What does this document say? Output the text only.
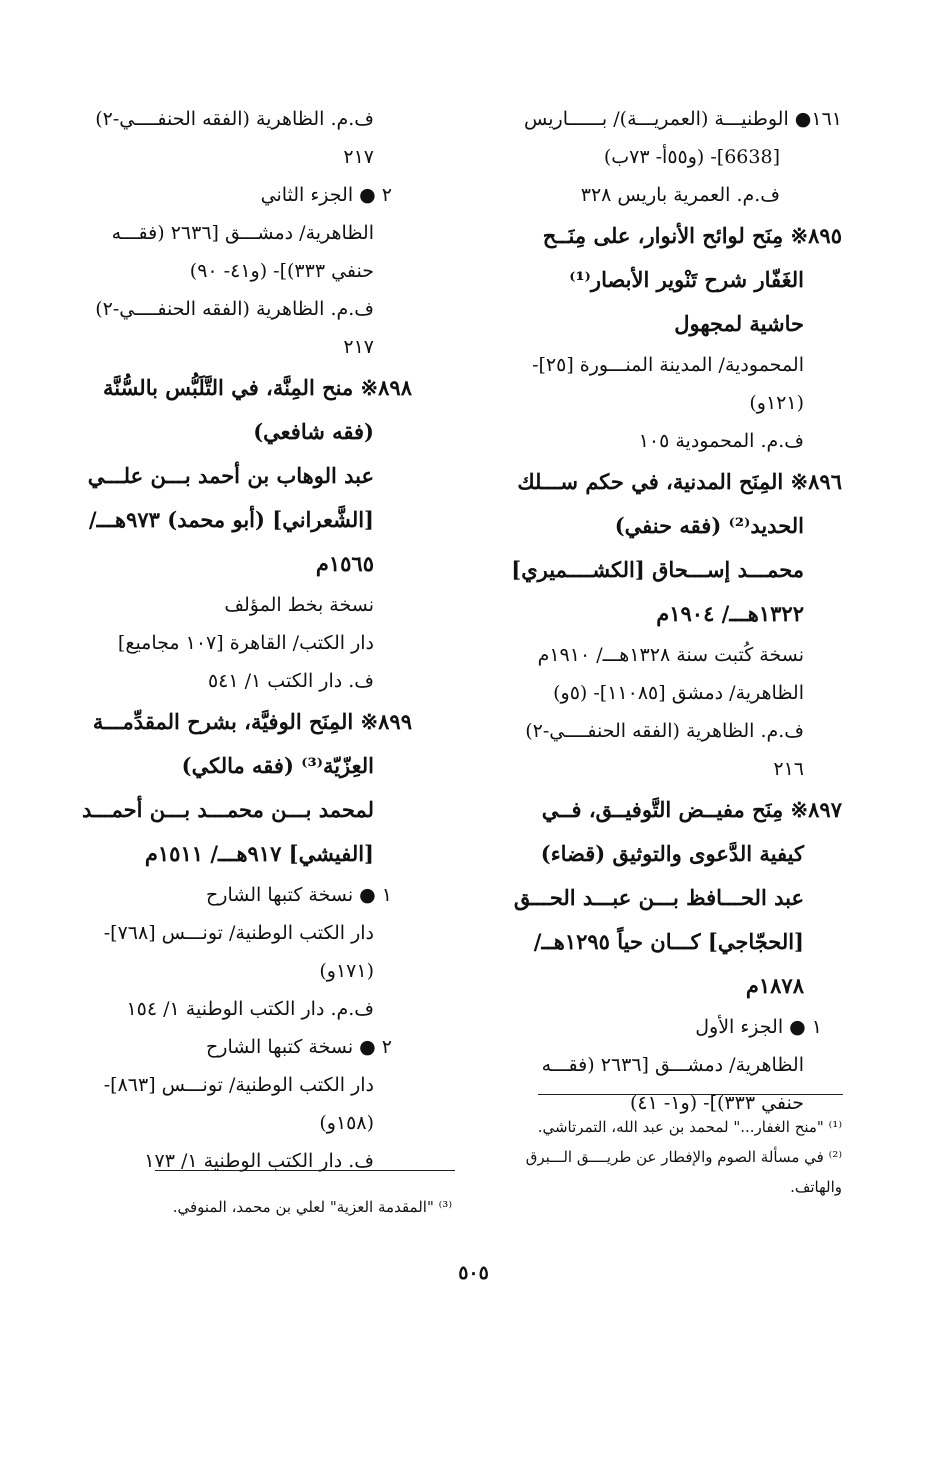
١٦١● الوطنيـــة (العمريـــة)/ بــــــاريس
[6638]- (و٥٥أ- ٧٣ب)
ف.م. العمرية باريس ٣٢٨
٨٩٥※ مِنَح لوائح الأنوار، على مِنَــح
الغَفّار شرح تَنْوير الأبصار⁽¹⁾
حاشية لمجهول
المحمودية/ المدينة المنـــورة [٢٥]-
(١٢١و)
ف.م. المحمودية ١٠٥
٨٩٦※ المِنَح المدنية، في حكم ســـلك
الحديد⁽²⁾ (فقه حنفي)
محمـــد إســـحاق [الكشــــميري]
١٣٢٢هـــ/ ١٩٠٤م
نسخة كُتبت سنة ١٣٢٨هـــ/ ١٩١٠م
الظاهرية/ دمشق [١١٠٨٥]- (٥و)
ف.م. الظاهرية (الفقه الحنفــــي-٢)
٢١٦
٨٩٧※ مِنَح مفيــض التَّوفيــق، فــي
كيفية الدَّعوى والتوثيق (قضاء)
عبد الحـــافظ بـــن عبـــد الحـــق
[الحجّاجي] كـــان حياً ١٢٩٥هــ/
١٨٧٨م
١ ● الجزء الأول
الظاهرية/ دمشـــق [٢٦٣٦ (فقـــه
حنفي ٣٣٣)]- (و١- ٤١)
ف.م. الظاهرية (الفقه الحنفــــي-٢)
٢١٧
٢ ● الجزء الثاني
الظاهرية/ دمشـــق [٢٦٣٦ (فقـــه
حنفي ٣٣٣)]- (و٤١- ٩٠)
ف.م. الظاهرية (الفقه الحنفــــي-٢)
٢١٧
٨٩٨※ منح المِنَّة، في التَّلَبُّس بالسُّنَّة
(فقه شافعي)
عبد الوهاب بن أحمد بـــن علـــي
[الشَّعراني] (أبو محمد) ٩٧٣هـــ/
١٥٦٥م
نسخة بخط المؤلف
دار الكتب/ القاهرة [١٠٧ مجاميع]
ف. دار الكتب ١/ ٥٤١
٨٩٩※ المِنَح الوفيَّة، بشرح المقدِّمـــة
العِزّيّة⁽³⁾ (فقه مالكي)
لمحمد بـــن محمـــد بـــن أحمـــد
[الفيشي] ٩١٧هـــ/ ١٥١١م
١ ● نسخة كتبها الشارح
دار الكتب الوطنية/ تونـــس [٧٦٨]-
(١٧١و)
ف.م. دار الكتب الوطنية ١/ ١٥٤
٢ ● نسخة كتبها الشارح
دار الكتب الوطنية/ تونـــس [٨٦٣]-
(١٥٨و)
ف. دار الكتب الوطنية ١/ ١٧٣
⁽¹⁾ "منح الغفار..." لمحمد بن عبد الله، التمرتاشي.
⁽²⁾ في مسألة الصوم والإفطار عن طريــــق الـــبرق
والهاتف.
⁽³⁾ "المقدمة العزية" لعلي بن محمد، المنوفي.
٥٠٥
